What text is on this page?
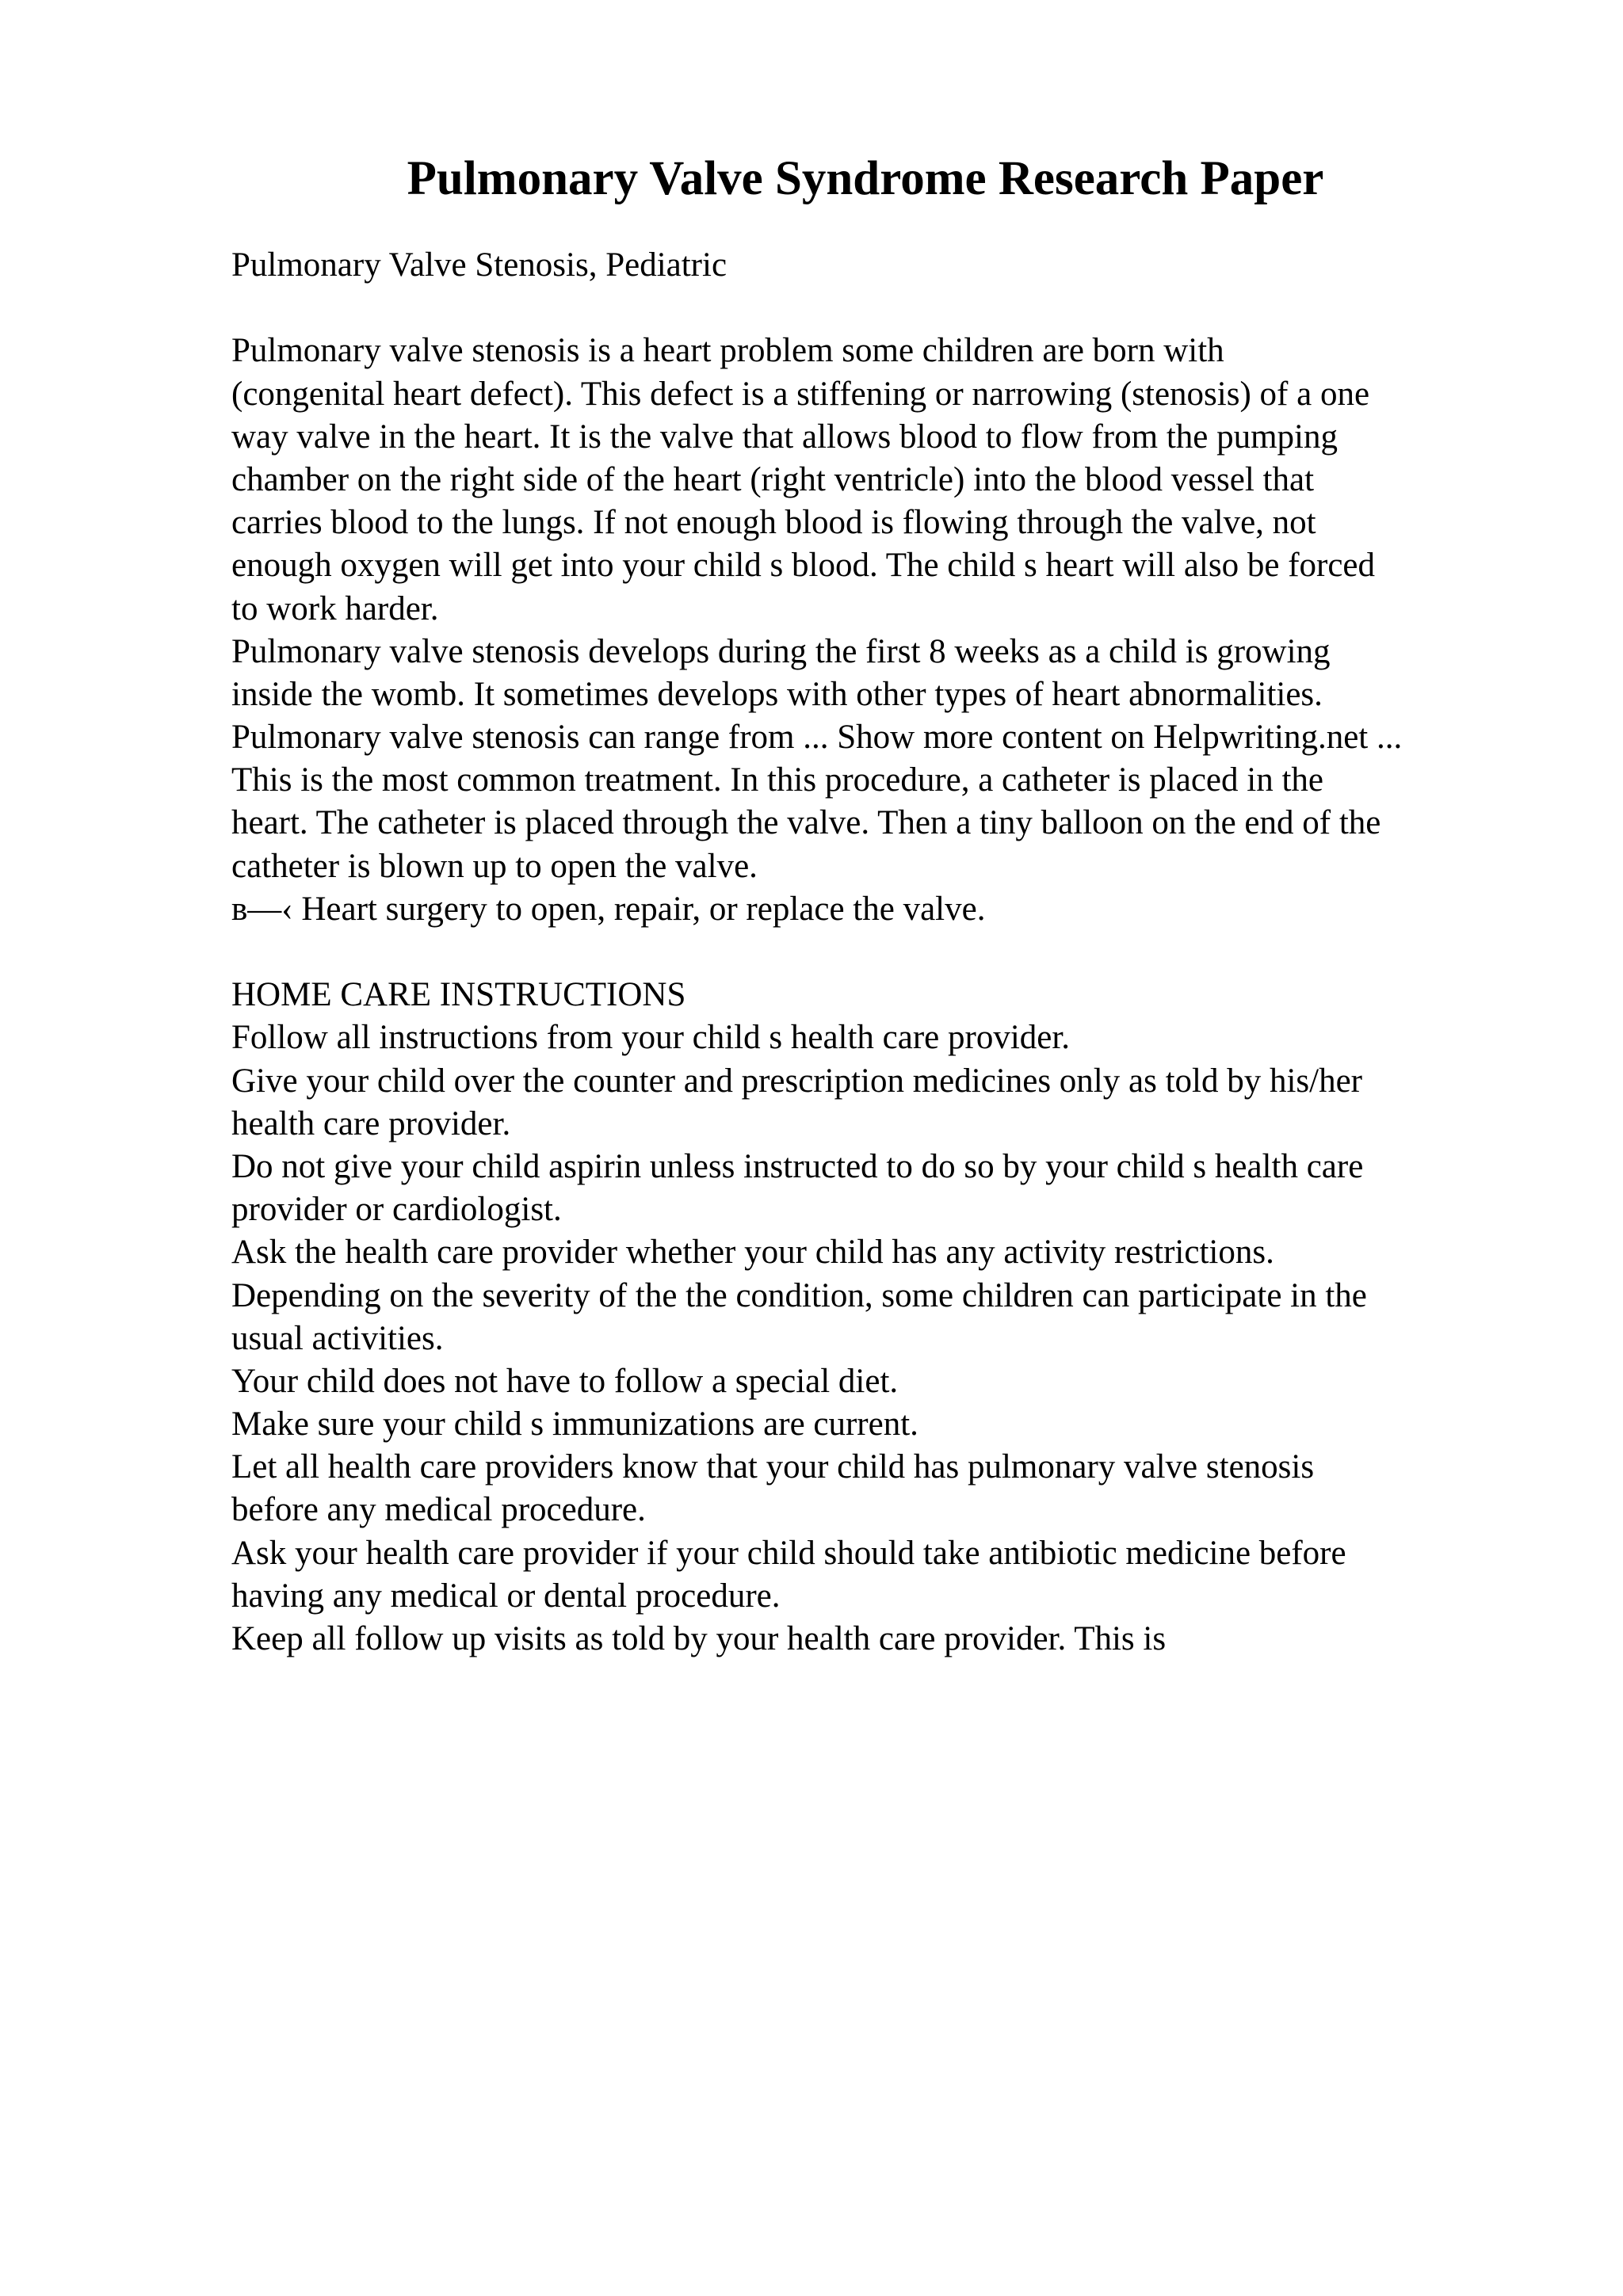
Pulmonary Valve Syndrome Research Paper
Pulmonary Valve Stenosis, Pediatric
Pulmonary valve stenosis is a heart problem some children are born with
(congenital heart defect). This defect is a stiffening or narrowing (stenosis) of a one
way valve in the heart. It is the valve that allows blood to flow from the pumping
chamber on the right side of the heart (right ventricle) into the blood vessel that
carries blood to the lungs. If not enough blood is flowing through the valve, not
enough oxygen will get into your child s blood. The child s heart will also be forced
to work harder.
Pulmonary valve stenosis develops during the first 8 weeks as a child is growing
inside the womb. It sometimes develops with other types of heart abnormalities.
Pulmonary valve stenosis can range from ... Show more content on Helpwriting.net ...
This is the most common treatment. In this procedure, a catheter is placed in the
heart. The catheter is placed through the valve. Then a tiny balloon on the end of the
catheter is blown up to open the valve.
в—‹ Heart surgery to open, repair, or replace the valve.
HOME CARE INSTRUCTIONS
Follow all instructions from your child s health care provider.
Give your child over the counter and prescription medicines only as told by his/her
health care provider.
Do not give your child aspirin unless instructed to do so by your child s health care
provider or cardiologist.
Ask the health care provider whether your child has any activity restrictions.
Depending on the severity of the the condition, some children can participate in the
usual activities.
Your child does not have to follow a special diet.
Make sure your child s immunizations are current.
Let all health care providers know that your child has pulmonary valve stenosis
before any medical procedure.
Ask your health care provider if your child should take antibiotic medicine before
having any medical or dental procedure.
Keep all follow up visits as told by your health care provider. This is
